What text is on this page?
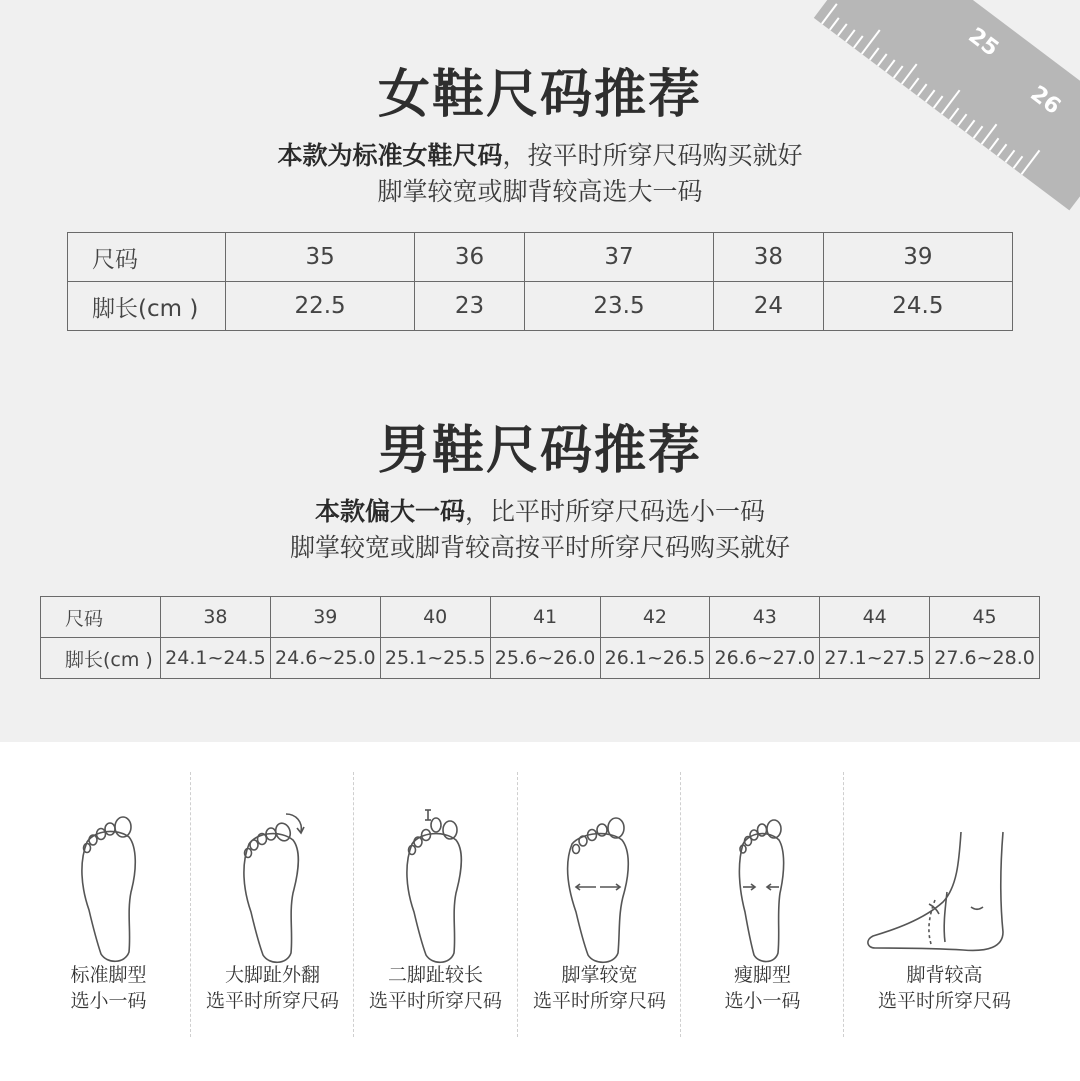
25
26
女鞋尺码推荐
本款为标准女鞋尺码，按平时所穿尺码购买就好
脚掌较宽或脚背较高选大一码
尺码	35	36	37	38	39
脚长(cm )	22.5	23	23.5	24	24.5
男鞋尺码推荐
本款偏大一码，比平时所穿尺码选小一码
脚掌较宽或脚背较高按平时所穿尺码购买就好
尺码	38	39	40	41	42	43	44	45
脚长(cm )	24.1~24.5	24.6~25.0	25.1~25.5	25.6~26.0	26.1~26.5	26.6~27.0	27.1~27.5	27.6~28.0
标准脚型
选小一码
大脚趾外翻
选平时所穿尺码
二脚趾较长
选平时所穿尺码
脚掌较宽
选平时所穿尺码
瘦脚型
选小一码
脚背较高
选平时所穿尺码
